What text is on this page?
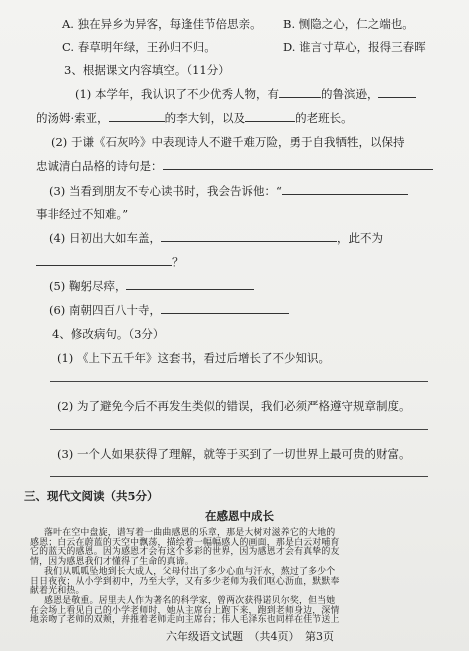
A. 独在异乡为异客，每逢佳节倍思亲。 B. 恻隐之心，仁之端也。
C. 春草明年绿，王孙归不归。	D. 谁言寸草心，报得三春晖
3、根据课文内容填空。（11分）
(1) 本学年，我认识了不少优秀人物，有	的鲁滨逊，
的汤姆·索亚，	的李大钊，以及	的老班长。
(2) 于谦《石灰吟》中表现诗人不避千难万险，勇于自我牺牲，以保持
忠诚清白品格的诗句是：
(3) 当看到朋友不专心读书时，我会告诉他：“
事非经过不知难。”
(4) 日初出大如车盖，	，此不为
？
(5) 鞠躬尽瘁，
(6) 南朝四百八十寺，
4、修改病句。（3分）
(1) 《上下五千年》这套书，看过后增长了不少知识。
(2) 为了避免今后不再发生类似的错误，我们必须严格遵守规章制度。
(3) 一个人如果获得了理解，就等于买到了一切世界上最可贵的财富。
三、现代文阅读（共5分）
在感恩中成长
落叶在空中盘旋，谱写着一曲曲感恩的乐章，那是大树对滋养它的大地的
感恩；白云在蔚蓝的天空中飘荡，描绘着一幅幅感人的画面，那是白云对哺育
它的蓝天的感恩。因为感恩才会有这个多彩的世界，因为感恩才会有真挚的友
情，因为感恩我们才懂得了生命的真谛。
我们从呱呱坠地到长大成人，父母付出了多少心血与汗水，熬过了多少个
日日夜夜；从小学到初中，乃至大学，又有多少老师为我们呕心沥血，默默奉
献着光和热。
感恩是敬重。居里夫人作为著名的科学家，曾两次获得诺贝尔奖，但当她
在会场上看见自己的小学老师时，她从主席台上跑下来，跑到老师身边，深情
地亲吻了老师的双颊，并推着老师走向主席台；伟人毛泽东也同样在佳节送上
六年级语文试题　（共4页）　第3页
